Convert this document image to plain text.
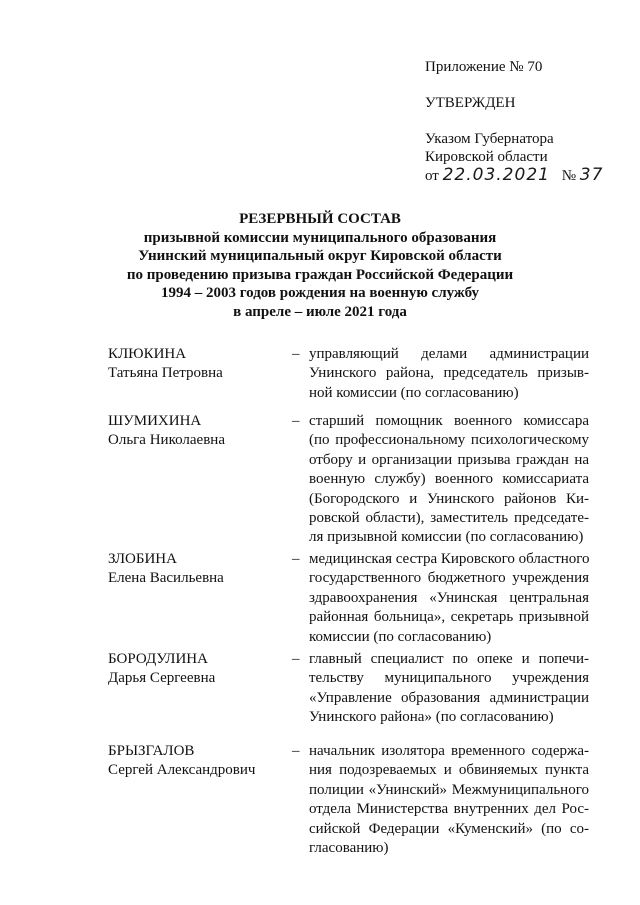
Приложение № 70
УТВЕРЖДЕН
Указом Губернатора
Кировской области
от 22.03.2021 № 37
РЕЗЕРВНЫЙ СОСТАВ
призывной комиссии муниципального образования
Унинский муниципальный округ Кировской области
по проведению призыва граждан Российской Федерации
1994 – 2003 годов рождения на военную службу
в апреле – июле 2021 года
КЛЮКИНА
Татьяна Петровна
– управляющий делами администрации
Унинского района, председатель призыв-
ной комиссии (по согласованию)
ШУМИХИНА
Ольга Николаевна
– старший помощник военного комиссара
(по профессиональному психологическому
отбору и организации призыва граждан на
военную службу) военного комиссариата
(Богородского и Унинского районов Ки-
ровской области), заместитель председате-
ля призывной комиссии (по согласованию)
ЗЛОБИНА
Елена Васильевна
– медицинская сестра Кировского областного
государственного бюджетного учреждения
здравоохранения «Унинская центральная
районная больница», секретарь призывной
комиссии (по согласованию)
БОРОДУЛИНА
Дарья Сергеевна
– главный специалист по опеке и попечи-
тельству муниципального учреждения
«Управление образования администрации
Унинского района» (по согласованию)
БРЫЗГАЛОВ
Сергей Александрович
– начальник изолятора временного содержа-
ния подозреваемых и обвиняемых пункта
полиции «Унинский» Межмуниципального
отдела Министерства внутренних дел Рос-
сийской Федерации «Куменский» (по со-
гласованию)
